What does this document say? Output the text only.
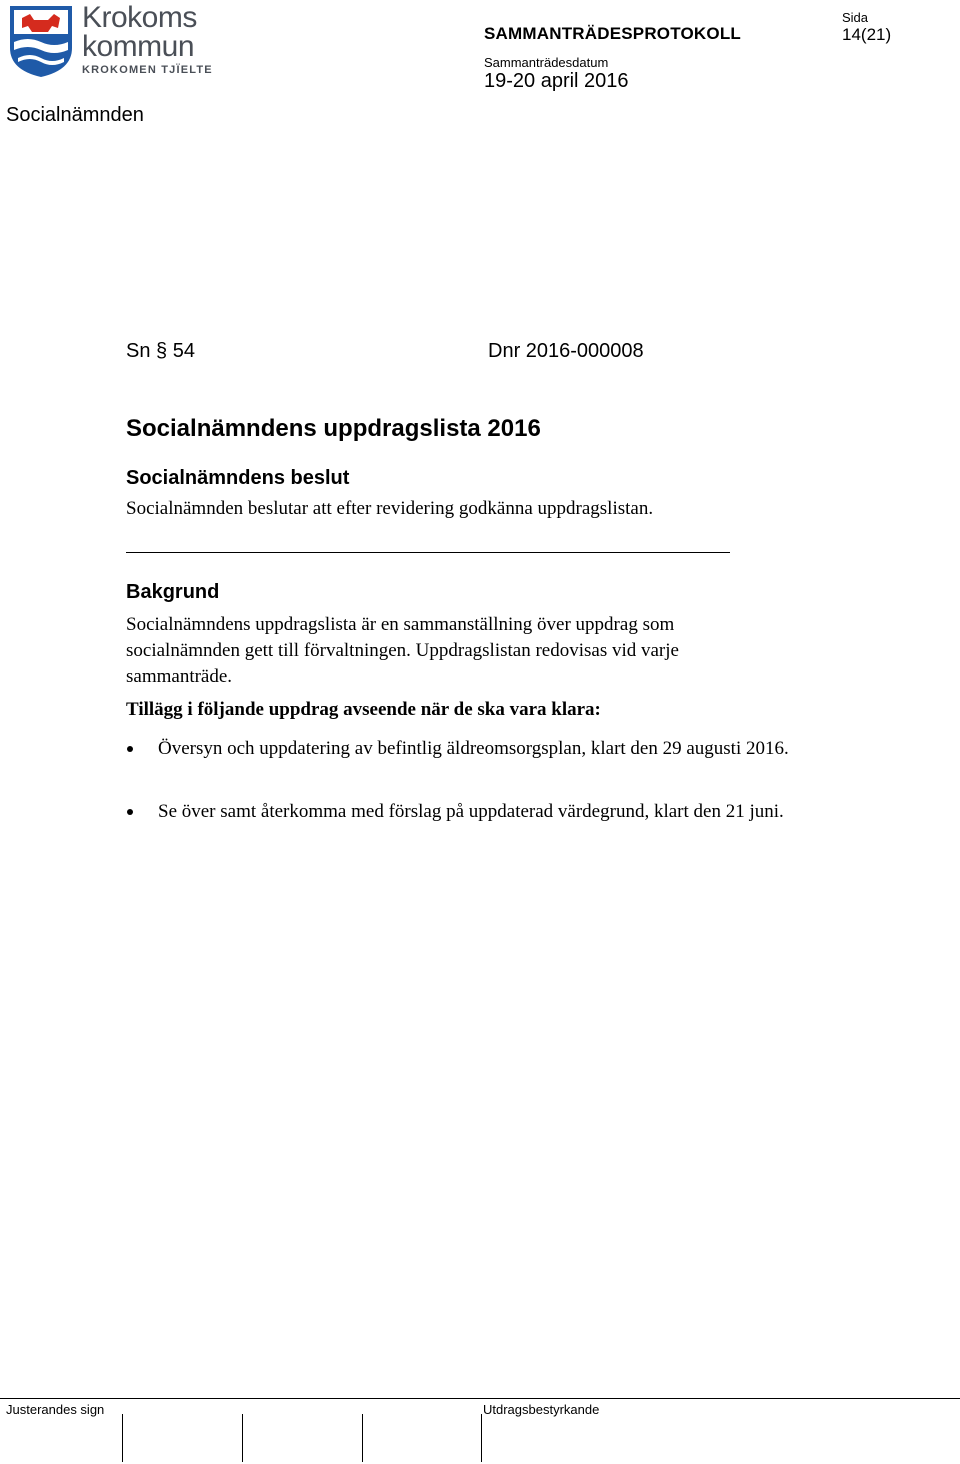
Krokoms
kommun
KROKOMEN TJÏELTE
Socialnämnden
SAMMANTRÄDESPROTOKOLL
Sammanträdesdatum
19-20 april 2016
Sida
14(21)
Sn § 54	Dnr 2016-000008
Socialnämndens uppdragslista 2016
Socialnämndens beslut
Socialnämnden beslutar att efter revidering godkänna uppdragslistan.
Bakgrund
Socialnämndens uppdragslista är en sammanställning över uppdrag som socialnämnden gett till förvaltningen. Uppdragslistan redovisas vid varje sammanträde.
Tillägg i följande uppdrag avseende när de ska vara klara:
Översyn och uppdatering av befintlig äldreomsorgsplan, klart den 29 augusti 2016.
Se över samt återkomma med förslag på uppdaterad värdegrund, klart den 21 juni.
Justerandes sign	Utdragsbestyrkande
